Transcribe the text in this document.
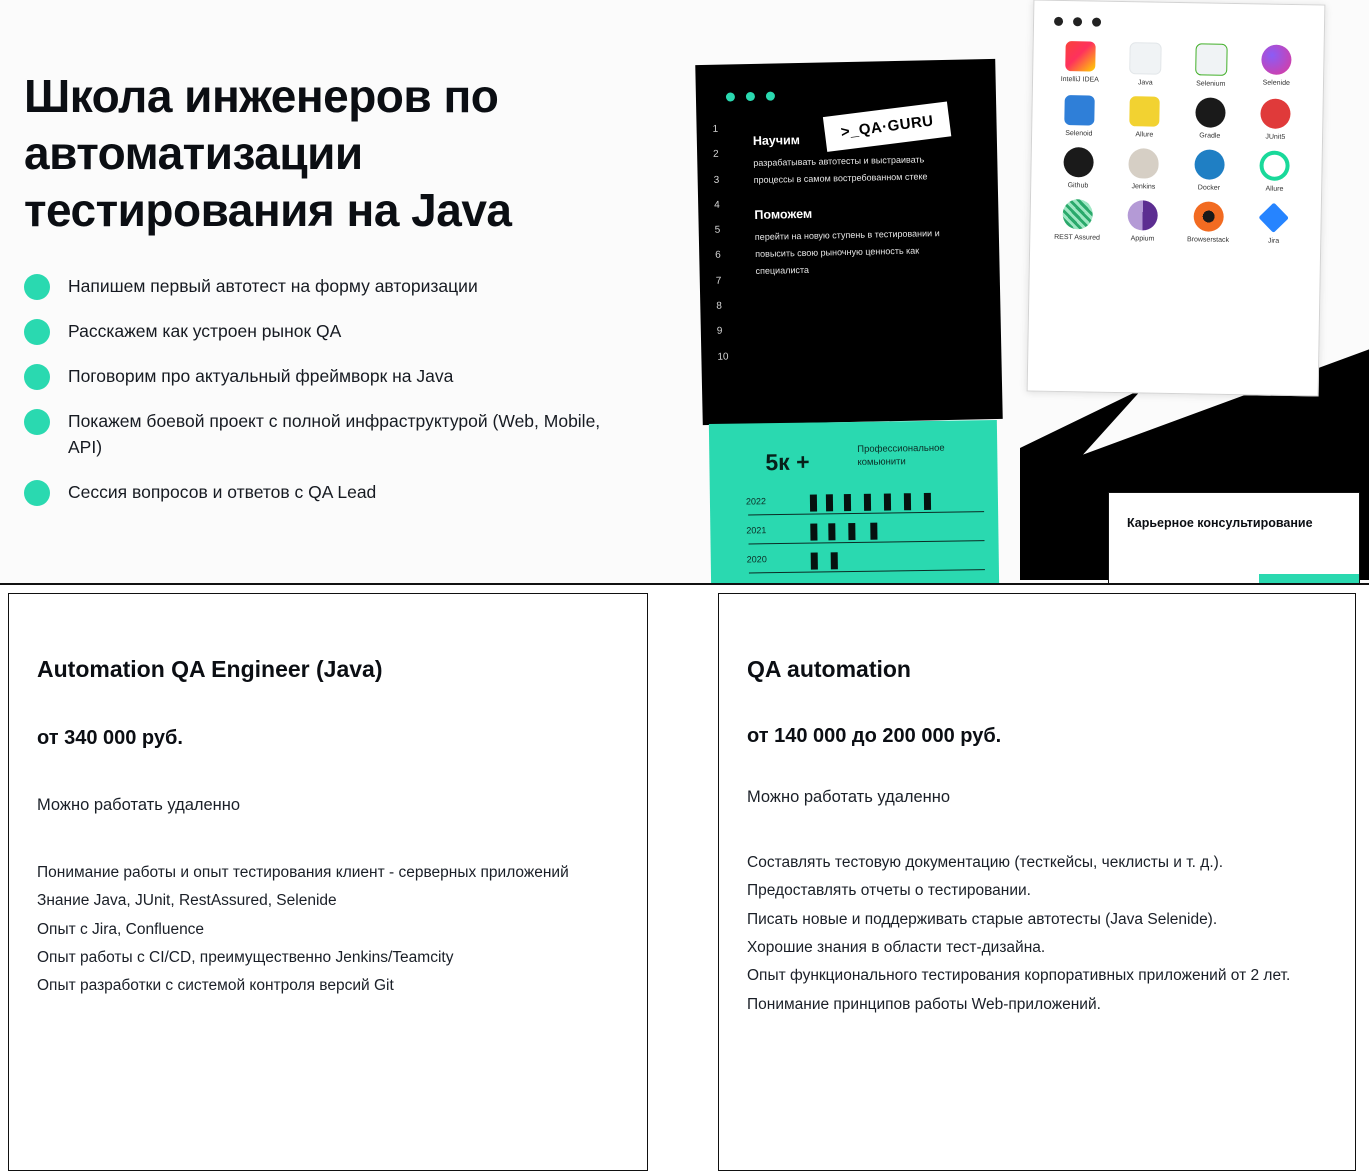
Школа инженеров по автоматизации тестирования на Java
Напишем первый автотест на форму авторизации
Расскажем как устроен рынок QA
Поговорим про актуальный фреймворк на Java
Покажем боевой проект с полной инфраструктурой (Web, Mobile, API)
Сессия вопросов и ответов с QA Lead
1
2
3
4
5
6
7
8
9
10

Научим

разрабатывать автотесты и выстраивать процессы в самом востребованном стеке

Поможем

перейти на новую ступень в тестировании и повысить свою рыночную ценность как специалиста

>_QA·GURU
IntelliJ IDEA	Java	Selenium	Selenide
Selenoid	Allure	Gradle	JUnit5
Github	Jenkins	Docker	Allure
REST Assured	Appium	Browserstack	Jira
5к +	Профессиональное комьюнити
2022
2021
2020
Карьерное консультирование
Automation QA Engineer (Java)
от 340 000 руб.
Можно работать удаленно
Понимание работы и опыт тестирования клиент - серверных приложений
Знание Java, JUnit, RestAssured, Selenide
Опыт с Jira, Confluence
Опыт работы с CI/CD, преимущественно Jenkins/Teamcity
Опыт разработки с системой контроля версий Git
QA automation
от 140 000 до 200 000 руб.
Можно работать удаленно
Составлять тестовую документацию (тесткейсы, чеклисты и т. д.). Предоставлять отчеты о тестировании.
Писать новые и поддерживать старые автотесты (Java Selenide).
Хорошие знания в области тест-дизайна.
Опыт функционального тестирования корпоративных приложений от 2 лет.
Понимание принципов работы Web-приложений.
